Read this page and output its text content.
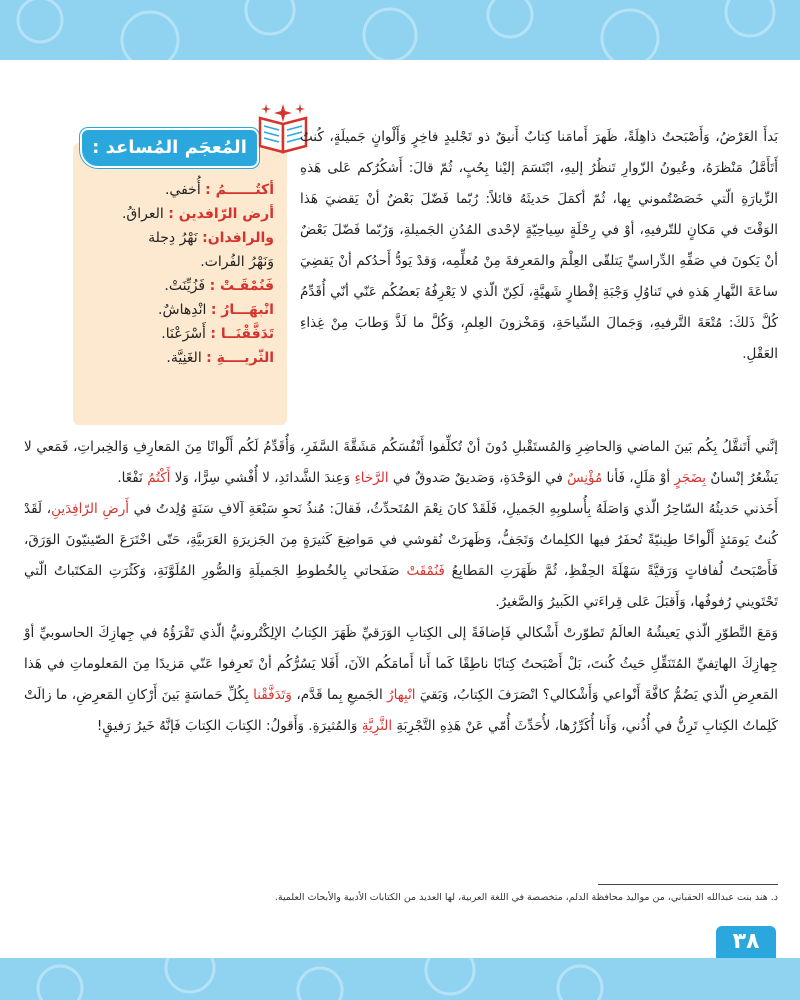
المُعجَم المُساعد :
أكتُــــــمُ : أُخفي.
أرض الرّافدين : العراقُ.
والرافدان: نَهْرُ دِجلة
وَنَهْرُ الفُرات.
فَنُمْقَـتْ : فَزُيِّنَتْ.
انْبهَـــارُ : انْدِهاشٌ.
تَدَفَّقْنَــا : أَسْرَعْنَا.
الثّريــــةِ : الغَنِيَّة.

بَدأَ العَرْضُ، وَأَصْبَحتُ ذاهِلَةً، ظَهرَ أَمامَنا كِتابٌ أَنيقٌ ذو تَجْليدٍ فاخِرٍ وَأَلْوانٍ جَميلَةٍ، كُنتُ أَتَأَمَّلُ مَنْظرَهُ، وعُيونُ الزّوارِ تَنظُرُ إليهِ، ابْتَسَمَ إليْنا بِحُبٍ، ثُمّ قالَ: أَشكُرُكم عَلى هَذهِ الزِّيارَةِ الّتي خَصَصْتُموني بِها، ثُمّ أكمَلَ حَديثَهُ قائلاً: رُبّما فَضّلَ بَعْضٌ أنْ يَقضيَ هَذا الوَقْتَ في مَكانٍ للتّرفيهِ، أوْ في رِحْلَةٍ سِياحِيّةٍ لإحْدى المُدُنِ الجَميلةِ، وَرُبّما فَضّلَ بَعْضٌ أنْ يَكونَ في صَفِّهِ الدِّراسيِّ يَتلقّى العِلْمَ والمَعرِفةَ مِنْ مُعلِّمِه، وَقدْ يَودُّ أَحدُكم أنْ يَقضِيَ ساعَةَ النَّهارِ هَذهِ في تَناوُلِ وَجْبَةِ إفْطارٍ شَهيَّةٍ، لَكِنّ الّذي لا يَعْرِفُهُ بَعضُكُم عَنّي أنّي أُقَدِّمُ كُلَّ ذَلكَ: مُتْعَةَ التَّرفيهِ، وَجَمالَ السِّياحَةِ، وَمَخْزونَ العِلمِ، وَكُلَّ ما لَذَّ وَطابَ مِنْ غِذاءِ العَقْلِ.

إنَّني أَتَنقَّلُ بِكُم بَينَ الماضي وَالحاضِرِ وَالمُستَقْبلِ دُونَ أنْ تُكلِّفوا أَنْفُسَكُم مَشَقَّةَ السَّفَرِ، وَأُقَدِّمُ لَكُم أَلْوانًا مِنَ المَعارِفِ وَالخِبراتِ، فَمَعي لا يَشْعُرُ إنْسانٌ بِضَجَرٍ أوْ مَلَلٍ، فَأنا مُؤْنِسٌ في الوَحْدَةِ، وَصَديقٌ صَدوقٌ في الرَّخاءِ وَعِندَ الشَّدائدِ، لا أُفْشي سِرًّا، وَلا أَكْتُمُ نَفْعًا.

أَخَذني حَديثُهُ السّاحِرُ الّذي وَاصَلَهُ بِأُسلوبِهِ الجَميلِ، فَلَقَدْ كانَ نِعْمَ المُتَحدِّثُ، فَقالَ: مُنذُ نَحوِ سَبْعَةِ آلافِ سَنَةٍ وُلِدتُ في أَرضِ الرّافِدَينِ، لَقَدْ كُنتُ يَومَئذٍ أَلْواحًا طِينيّةً تُحفَرُ فيها الكلِماتُ وَتَجَفُّ، وَظَهرَتْ نُقوشي في مَواضِعَ كَثيرَةٍ مِنَ الجَزيرَةِ العَرَبيَّةِ، حَتّى اخْتَرَعَ الصّينيّونَ الوَرَقَ، فَأَصْبَحتُ لُفافاتٍ وَرَقيَّةً سَهْلَةَ الحِفْظِ، ثُمَّ ظَهَرَتِ المَطابِعُ فَنُمْقَتْ صَفَحاتي بِالخُطوطِ الجَميلَةِ وَالصُّورِ المُلَوَّنَةِ، وَكَثُرَتِ المَكتَباتُ الّتي تَحْتَويني رُفوفُها، وَأَقبَلَ عَلى قِراءَتي الكَبيرُ وَالصَّغيرُ.

وَمَعَ التَّطوّرِ الّذي يَعيشُهُ العالَمُ تَطوّرتْ أَشْكالي فَإضافَةً إلى الكِتابِ الوَرَقيِّ ظَهَرَ الكِتابُ الإلِكْتُرونيُّ الّذي تَقْرَؤُهُ في جِهازِكَ الحاسوبيِّ أوْ جِهازِكَ الهاتِفيِّ المُتَنَقِّلِ حَيثُ كُنتَ، بَلْ أَصْبَحتُ كِتابًا ناطِقًا كَما أَنا أَمامَكُم الآنَ، أَفَلا يَسُرُّكُم أنْ تَعرِفوا عَنّي مَزيدًا مِنَ المَعلوماتِ في هَذا المَعرِضِ الّذي يَضُمُّ كافَّةَ أَنْواعي وَأَشْكالي؟ انْصَرَفَ الكِتابُ، وَبَقيَ انْبِهارُ الجَميعِ بِما قَدَّم، وَتَدَفَّقْنا بِكُلِّ حَماسَةٍ بَينَ أَرْكانِ المَعرِضِ، ما زالَتْ كَلِماتُ الكِتابِ تَرِنُّ في أُذُني، وَأَنا أُكَرِّرُها، لأُحَدِّثَ أُمّي عَنْ هَذِهِ التَّجْرِبَةِ الثَّرِيَّةِ وَالمُثيرَةِ. وَأَقولُ: الكِتابَ الكِتابَ فَإنَّهُ خَيرُ رَفيقٍ!

د. هند بنت عبدالله الحقباني، من مواليد محافظة الدلم، متخصصة في اللغة العربية، لها العديد من الكتابات الأدبية والأبحاث العلمية.
٣٨
